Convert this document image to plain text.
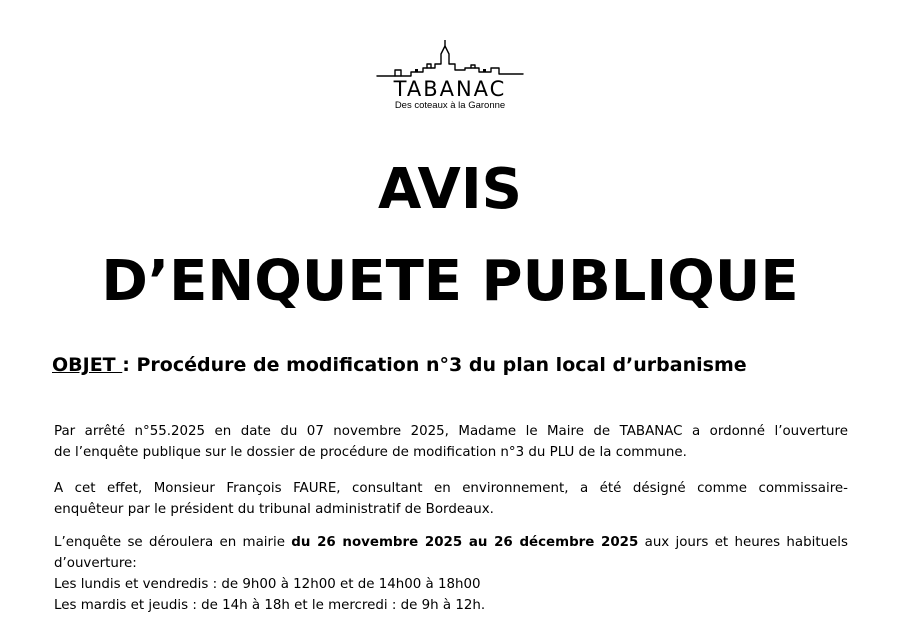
TABANAC
Des coteaux à la Garonne
AVIS
D’ENQUETE PUBLIQUE
OBJET : Procédure de modification n°3 du plan local d’urbanisme
Par arrêté n°55.2025 en date du 07 novembre 2025, Madame le Maire de TABANAC a ordonné l’ouverture
de l’enquête publique sur le dossier de procédure de modification n°3 du PLU de la commune.
A cet effet, Monsieur François FAURE, consultant en environnement, a été désigné comme commissaire-
enquêteur par le président du tribunal administratif de Bordeaux.
L’enquête se déroulera en mairie du 26 novembre 2025 au 26 décembre 2025 aux jours et heures habituels
d’ouverture:
Les lundis et vendredis : de 9h00 à 12h00 et de 14h00 à 18h00
Les mardis et jeudis : de 14h à 18h et le mercredi : de 9h à 12h.
